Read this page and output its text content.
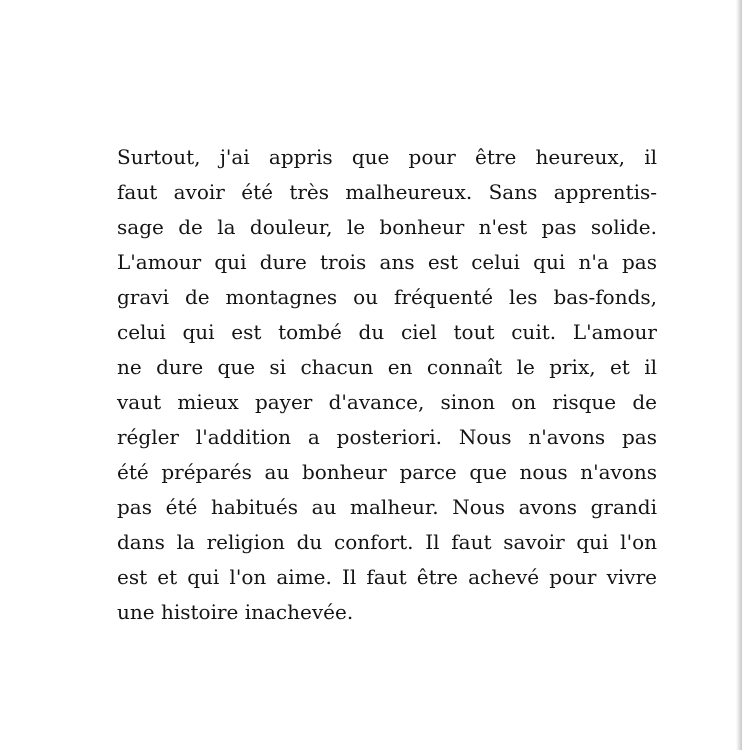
Surtout, j'ai appris que pour être heureux, il
faut avoir été très malheureux. Sans apprentis-
sage de la douleur, le bonheur n'est pas solide.
L'amour qui dure trois ans est celui qui n'a pas
gravi de montagnes ou fréquenté les bas-fonds,
celui qui est tombé du ciel tout cuit. L'amour
ne dure que si chacun en connaît le prix, et il
vaut mieux payer d'avance, sinon on risque de
régler l'addition a posteriori. Nous n'avons pas
été préparés au bonheur parce que nous n'avons
pas été habitués au malheur. Nous avons grandi
dans la religion du confort. Il faut savoir qui l'on
est et qui l'on aime. Il faut être achevé pour vivre
une histoire inachevée.
